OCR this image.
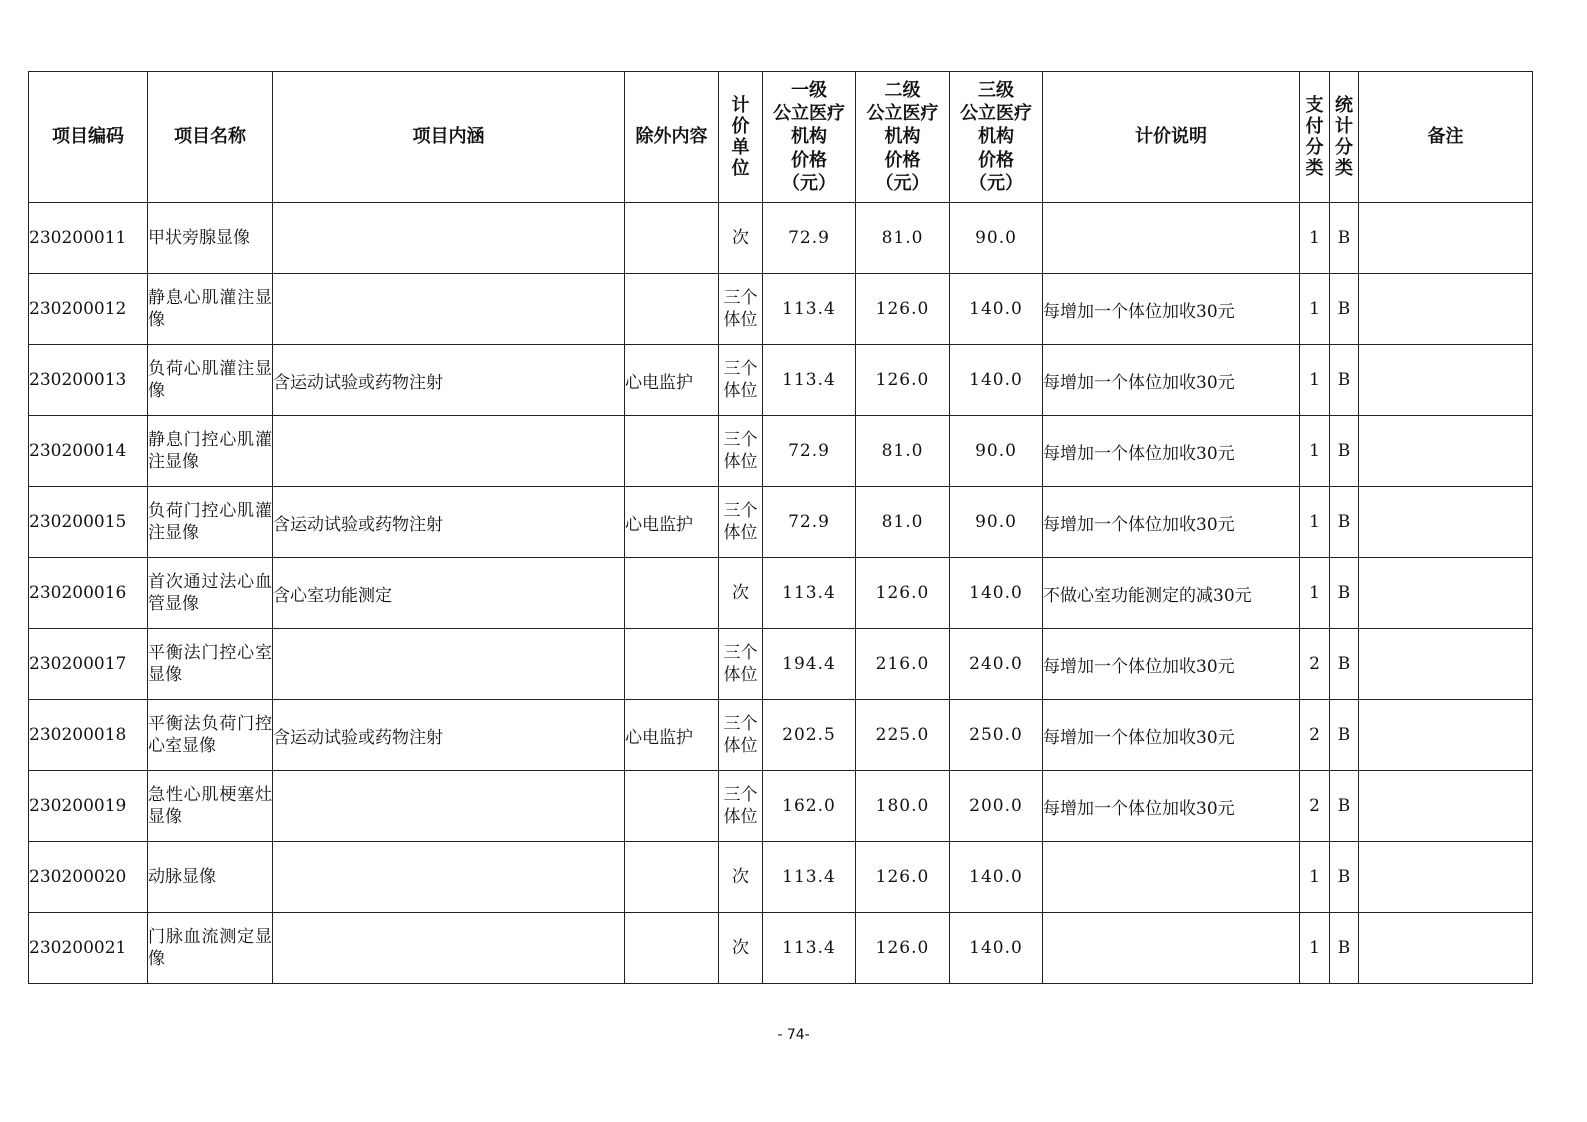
项目编码	项目名称	项目内涵	除外内容	计
价
单
位	一级
公立医疗
机构
价格
（元）	二级
公立医疗
机构
价格
（元）	三级
公立医疗
机构
价格
（元）	计价说明	支
付
分
类	统
计
分
类	备注

230200011	甲状旁腺显像			次	72.9	81.0	90.0		1	B	
230200012	静息心肌灌注显像			三个体位	113.4	126.0	140.0	每增加一个体位加收30元	1	B	
230200013	负荷心肌灌注显像	含运动试验或药物注射	心电监护	三个体位	113.4	126.0	140.0	每增加一个体位加收30元	1	B	
230200014	静息门控心肌灌注显像			三个体位	72.9	81.0	90.0	每增加一个体位加收30元	1	B	
230200015	负荷门控心肌灌注显像	含运动试验或药物注射	心电监护	三个体位	72.9	81.0	90.0	每增加一个体位加收30元	1	B	
230200016	首次通过法心血管显像	含心室功能测定		次	113.4	126.0	140.0	不做心室功能测定的减30元	1	B	
230200017	平衡法门控心室显像			三个体位	194.4	216.0	240.0	每增加一个体位加收30元	2	B	
230200018	平衡法负荷门控心室显像	含运动试验或药物注射	心电监护	三个体位	202.5	225.0	250.0	每增加一个体位加收30元	2	B	
230200019	急性心肌梗塞灶显像			三个体位	162.0	180.0	200.0	每增加一个体位加收30元	2	B	
230200020	动脉显像			次	113.4	126.0	140.0		1	B	
230200021	门脉血流测定显像			次	113.4	126.0	140.0		1	B	
- 74-
